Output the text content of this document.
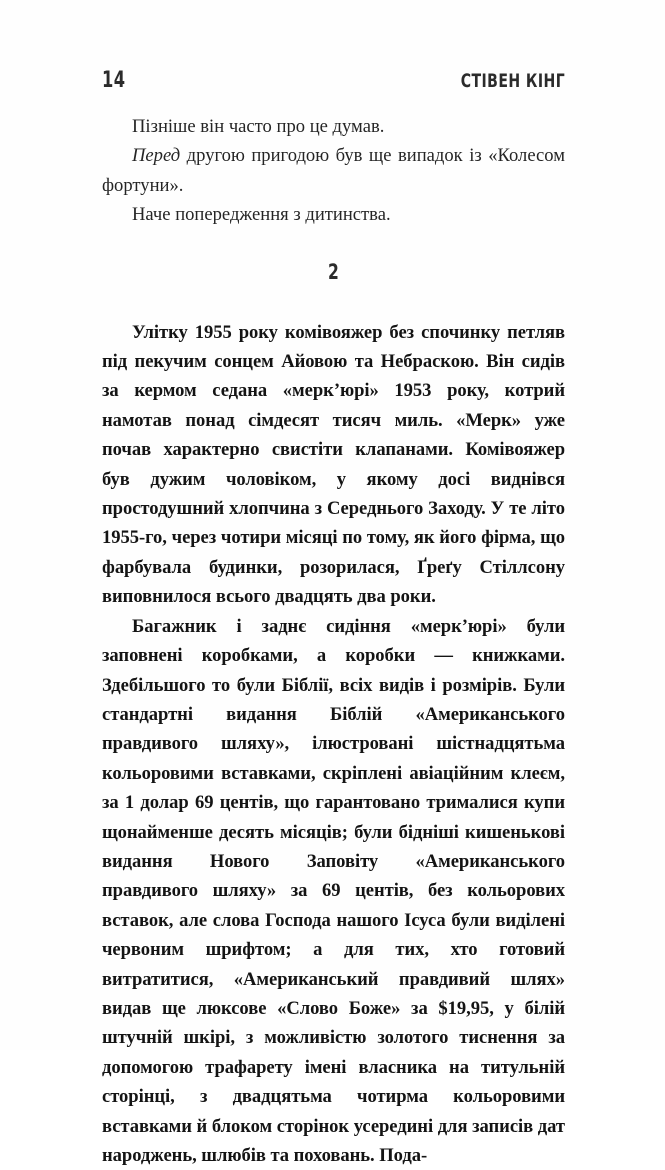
14	СТІВЕН КІНГ

Пізніше він часто про це думав.

Перед другою пригодою був ще випадок із «Колесом фортуни».

Наче попередження з дитинства.

2

Улітку 1955 року комівояжер без спочинку петляв під пекучим сонцем Айовою та Небраскою. Він сидів за кермом седана «мерк’юрі» 1953 року, котрий намотав понад сімдесят тисяч миль. «Мерк» уже почав характерно свистіти клапанами. Комівояжер був дужим чоловіком, у якому досі виднівся простодушний хлопчина з Середнього Заходу. У те літо 1955-го, через чотири місяці по тому, як його фірма, що фарбувала будинки, розорилася, Ґреґу Стіллсону виповнилося всього двадцять два роки.

Багажник і заднє сидіння «мерк’юрі» були заповнені коробками, а коробки — книжками. Здебільшого то були Біблії, всіх видів і розмірів. Були стандартні видання Біблій «Американського правдивого шляху», ілюстровані шістнадцятьма кольоровими вставками, скріплені авіаційним клеєм, за 1 долар 69 центів, що гарантовано трималися купи щонайменше десять місяців; були бідніші кишенькові видання Нового Заповіту «Американського правдивого шляху» за 69 центів, без кольорових вставок, але слова Господа нашого Ісуса були виділені червоним шрифтом; а для тих, хто готовий витратитися, «Американський правдивий шлях» видав ще люксове «Слово Боже» за $19,95, у білій штучній шкірі, з можливістю золотого тиснення за допомогою трафарету імені власника на титульній сторінці, з двадцятьма чотирма кольоровими вставками й блоком сторінок усередині для записів дат народжень, шлюбів та поховань. Пода-
